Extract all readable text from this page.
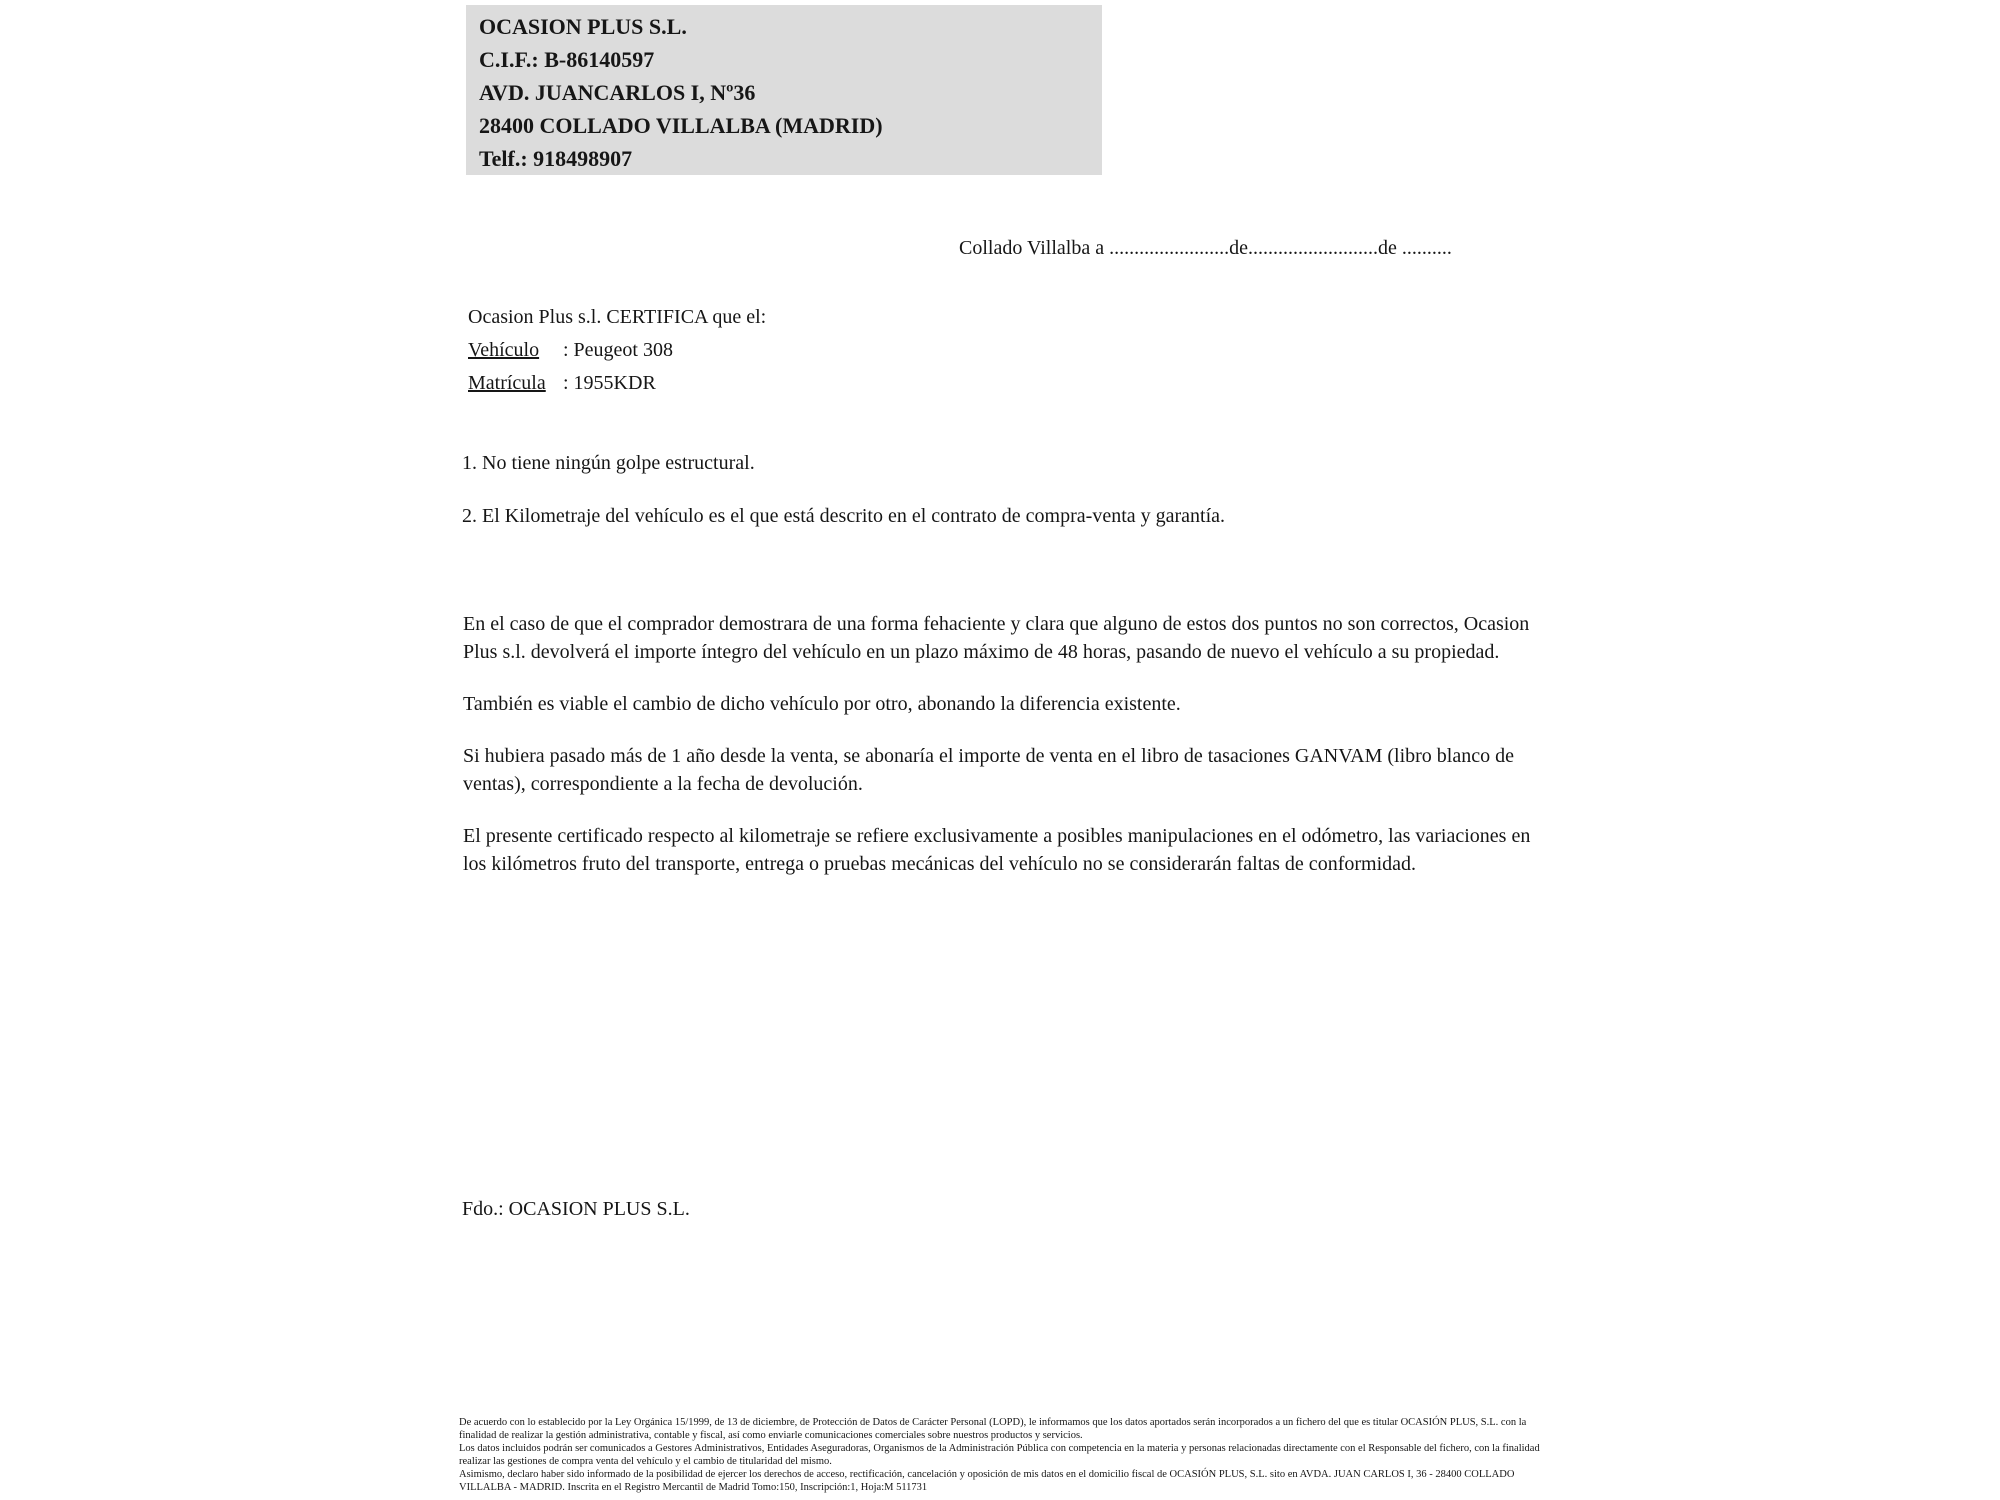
OCASION PLUS S.L.
C.I.F.: B-86140597
AVD. JUANCARLOS I, Nº36
28400 COLLADO VILLALBA (MADRID)
Telf.: 918498907
Collado Villalba a ........................de..........................de ..........
Ocasion Plus s.l. CERTIFICA que el:
Vehículo : Peugeot 308
Matrícula : 1955KDR
1. No tiene ningún golpe estructural.
2. El Kilometraje del vehículo es el que está descrito en el contrato de compra-venta y garantía.

En el caso de que el comprador demostrara de una forma fehaciente y clara que alguno de estos dos puntos no son correctos, Ocasion Plus s.l. devolverá el importe íntegro del vehículo en un plazo máximo de 48 horas, pasando de nuevo el vehículo a su propiedad.

También es viable el cambio de dicho vehículo por otro, abonando la diferencia existente.

Si hubiera pasado más de 1 año desde la venta, se abonaría el importe de venta en el libro de tasaciones GANVAM (libro blanco de ventas), correspondiente a la fecha de devolución.

El presente certificado respecto al kilometraje se refiere exclusivamente a posibles manipulaciones en el odómetro, las variaciones en los kilómetros fruto del transporte, entrega o pruebas mecánicas del vehículo no se considerarán faltas de conformidad.

Fdo.: OCASION PLUS S.L.

De acuerdo con lo establecido por la Ley Orgánica 15/1999, de 13 de diciembre, de Protección de Datos de Carácter Personal (LOPD), le informamos que los datos aportados serán incorporados a un fichero del que es titular OCASIÓN PLUS, S.L. con la finalidad de realizar la gestión administrativa, contable y fiscal, así como enviarle comunicaciones comerciales sobre nuestros productos y servicios.

Los datos incluidos podrán ser comunicados a Gestores Administrativos, Entidades Aseguradoras, Organismos de la Administración Pública con competencia en la materia y personas relacionadas directamente con el Responsable del fichero, con la finalidad realizar las gestiones de compra venta del vehículo y el cambio de titularidad del mismo.

Asimismo, declaro haber sido informado de la posibilidad de ejercer los derechos de acceso, rectificación, cancelación y oposición de mis datos en el domicilio fiscal de OCASIÓN PLUS, S.L. sito en AVDA. JUAN CARLOS I, 36 - 28400 COLLADO VILLALBA - MADRID. Inscrita en el Registro Mercantil de Madrid Tomo:150, Inscripción:1, Hoja:M 511731
